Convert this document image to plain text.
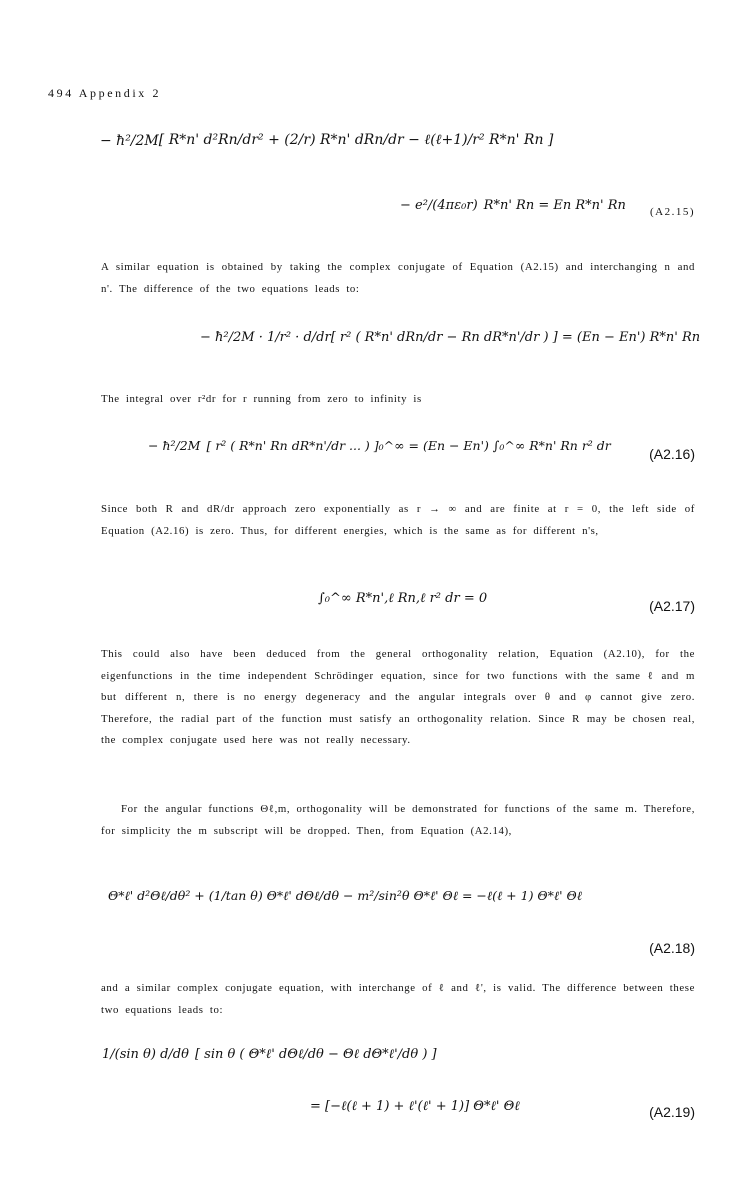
494 Appendix 2
− ħ²/2M [ R*n' d²Rn/dr² + (2/r) R*n' dRn/dr − ℓ(ℓ+1)/r² R*n' Rn ]
− e²/(4πε₀r) R*n' Rn = En R*n' Rn	(A2.15)
A similar equation is obtained by taking the complex conjugate of Equation (A2.15) and interchanging n and n'. The difference of the two equations leads to:
− ħ²/2M · 1/r² · d/dr [ r² ( R*n' dRn/dr − Rn dR*n'/dr ) ] = (En − En') R*n' Rn
The integral over r²dr for r running from zero to infinity is
− ħ²/2M [ r² ( R*n' Rn dR*n'/dr ... ) ]₀^∞ = (En − En') ∫₀^∞ R*n' Rn r² dr
(A2.16)
Since both R and dR/dr approach zero exponentially as r → ∞ and are finite at r = 0, the left side of Equation (A2.16) is zero. Thus, for different energies, which is the same as for different n's,
∫₀^∞ R*n',ℓ Rn,ℓ r² dr = 0	(A2.17)
This could also have been deduced from the general orthogonality relation, Equation (A2.10), for the eigenfunctions in the time independent Schrödinger equation, since for two functions with the same ℓ and m but different n, there is no energy degeneracy and the angular integrals over θ and φ cannot give zero. Therefore, the radial part of the function must satisfy an orthogonality relation. Since R may be chosen real, the complex conjugate used here was not really necessary.
For the angular functions Θℓ,m, orthogonality will be demonstrated for functions of the same m. Therefore, for simplicity the m subscript will be dropped. Then, from Equation (A2.14),
Θ*ℓ' d²Θℓ/dθ² + (1/tan θ) Θ*ℓ' dΘℓ/dθ − m²/sin²θ Θ*ℓ' Θℓ = −ℓ(ℓ + 1) Θ*ℓ' Θℓ
(A2.18)
and a similar complex conjugate equation, with interchange of ℓ and ℓ', is valid. The difference between these two equations leads to:
1/(sin θ) d/dθ [ sin θ ( Θ*ℓ' dΘℓ/dθ − Θℓ dΘ*ℓ'/dθ ) ]
= [−ℓ(ℓ + 1) + ℓ'(ℓ' + 1)] Θ*ℓ' Θℓ	(A2.19)
